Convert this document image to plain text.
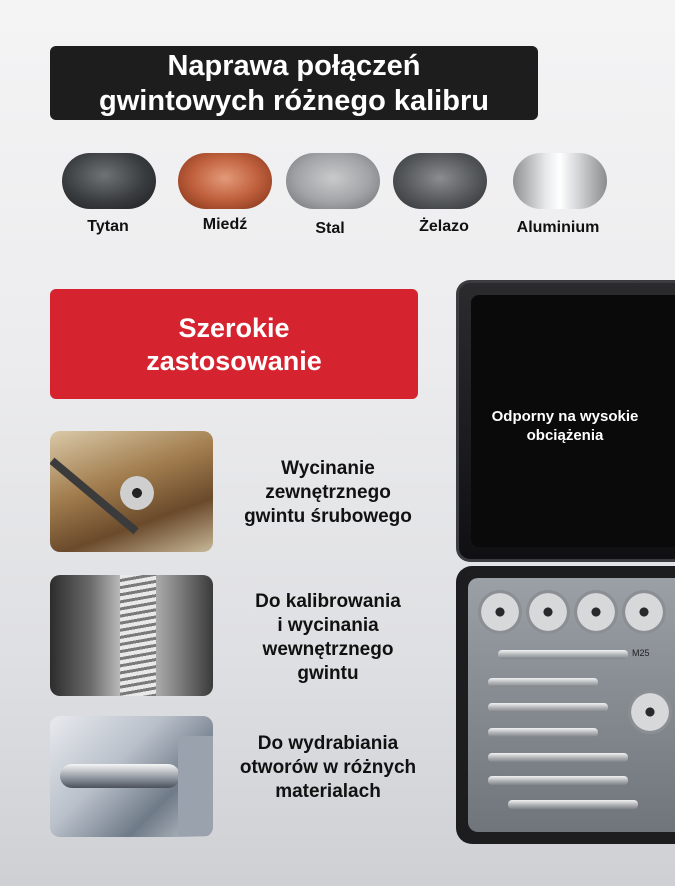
Naprawa połączeń
gwintowych różnego kalibru
Tytan	Miedź	Stal	Żelazo	Aluminium
Szerokie
zastosowanie
Wycinanie
zewnętrznego
gwintu śrubowego
Do kalibrowania
i wycinania
wewnętrznego
gwintu
Do wydrabiania
otworów w różnych
materialach
Odporny na wysokie
obciążenia
M25
